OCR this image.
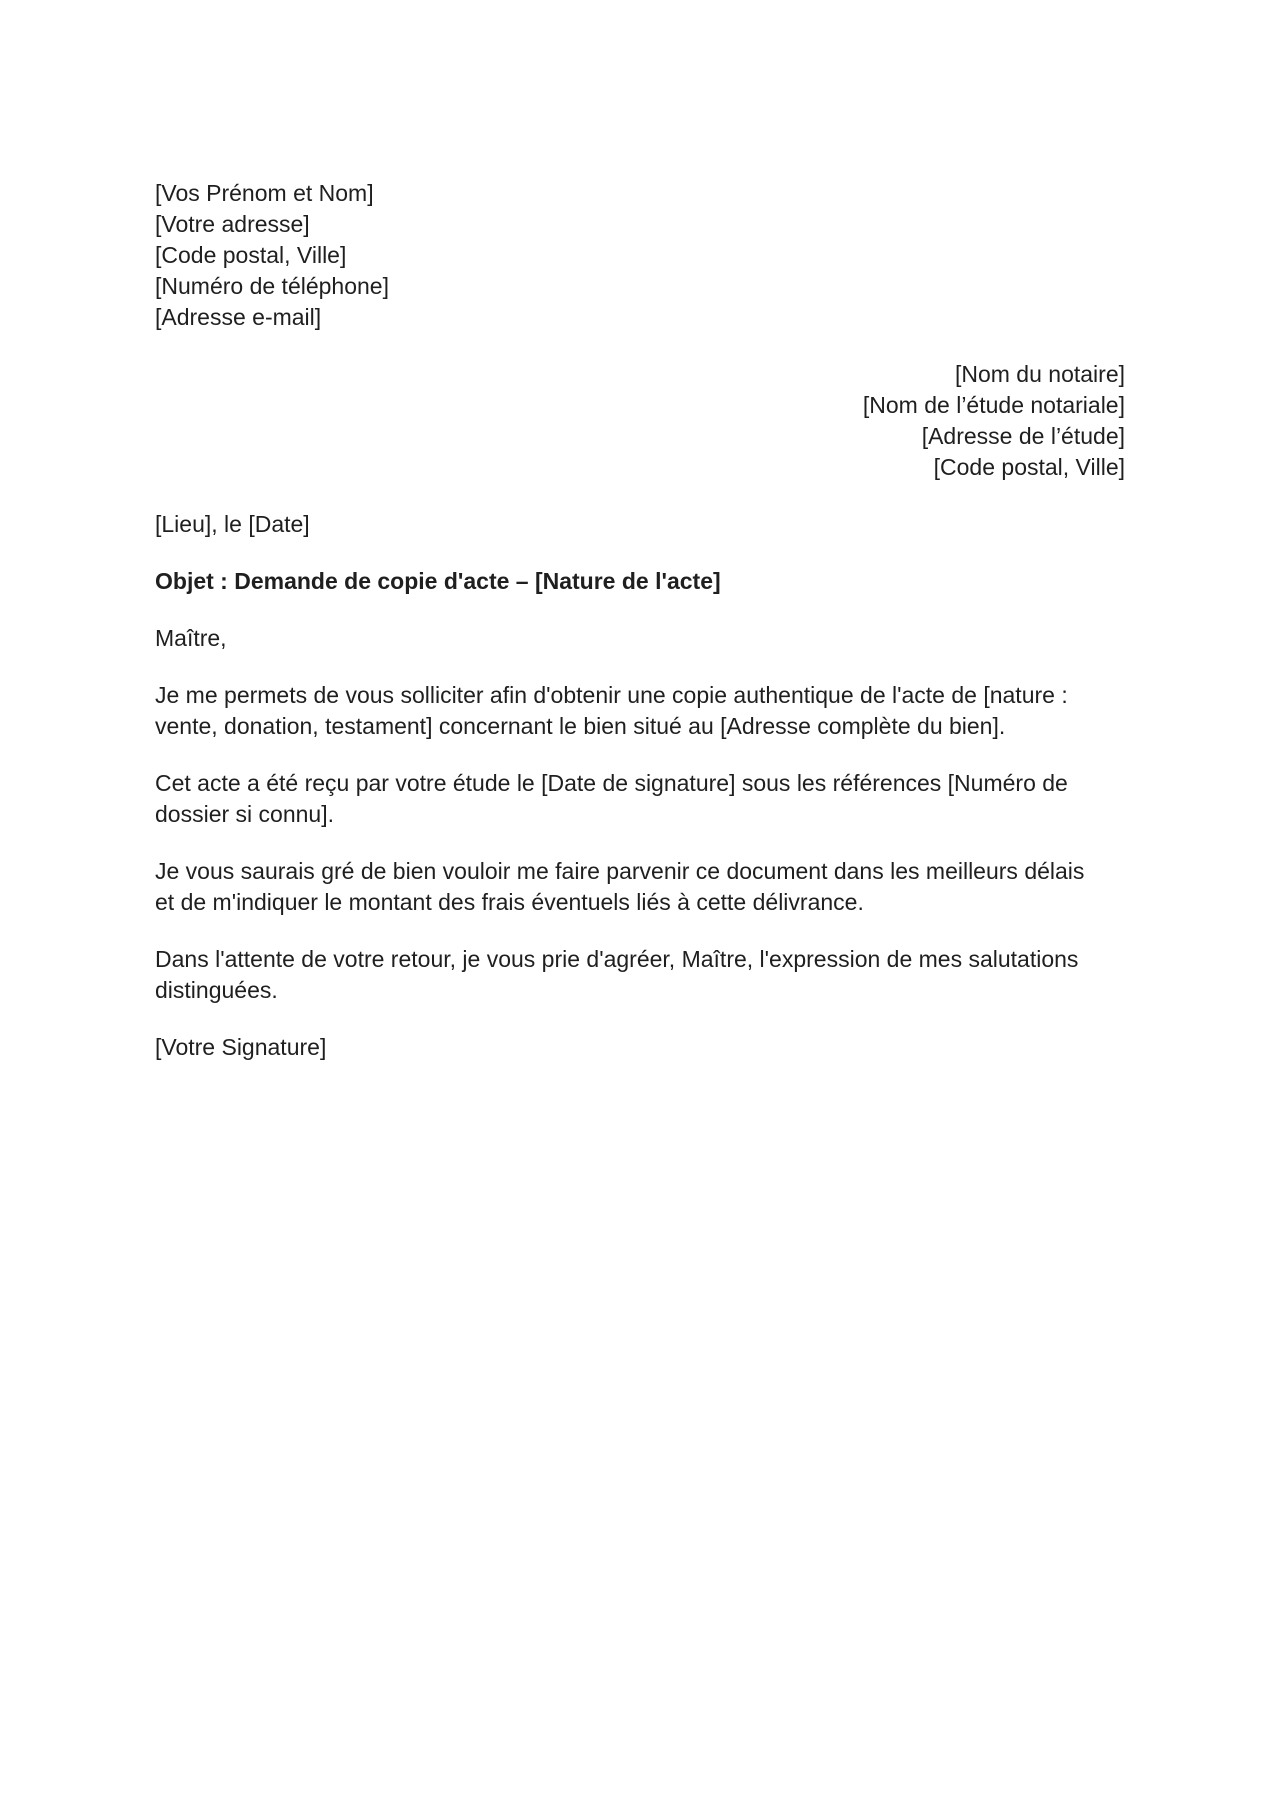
[Vos Prénom et Nom]
[Votre adresse]
[Code postal, Ville]
[Numéro de téléphone]
[Adresse e-mail]
[Nom du notaire]
[Nom de l’étude notariale]
[Adresse de l’étude]
[Code postal, Ville]
[Lieu], le [Date]
Objet : Demande de copie d'acte – [Nature de l'acte]
Maître,
Je me permets de vous solliciter afin d'obtenir une copie authentique de l'acte de [nature :
vente, donation, testament] concernant le bien situé au [Adresse complète du bien].
Cet acte a été reçu par votre étude le [Date de signature] sous les références [Numéro de
dossier si connu].
Je vous saurais gré de bien vouloir me faire parvenir ce document dans les meilleurs délais
et de m'indiquer le montant des frais éventuels liés à cette délivrance.
Dans l'attente de votre retour, je vous prie d'agréer, Maître, l'expression de mes salutations
distinguées.
[Votre Signature]
